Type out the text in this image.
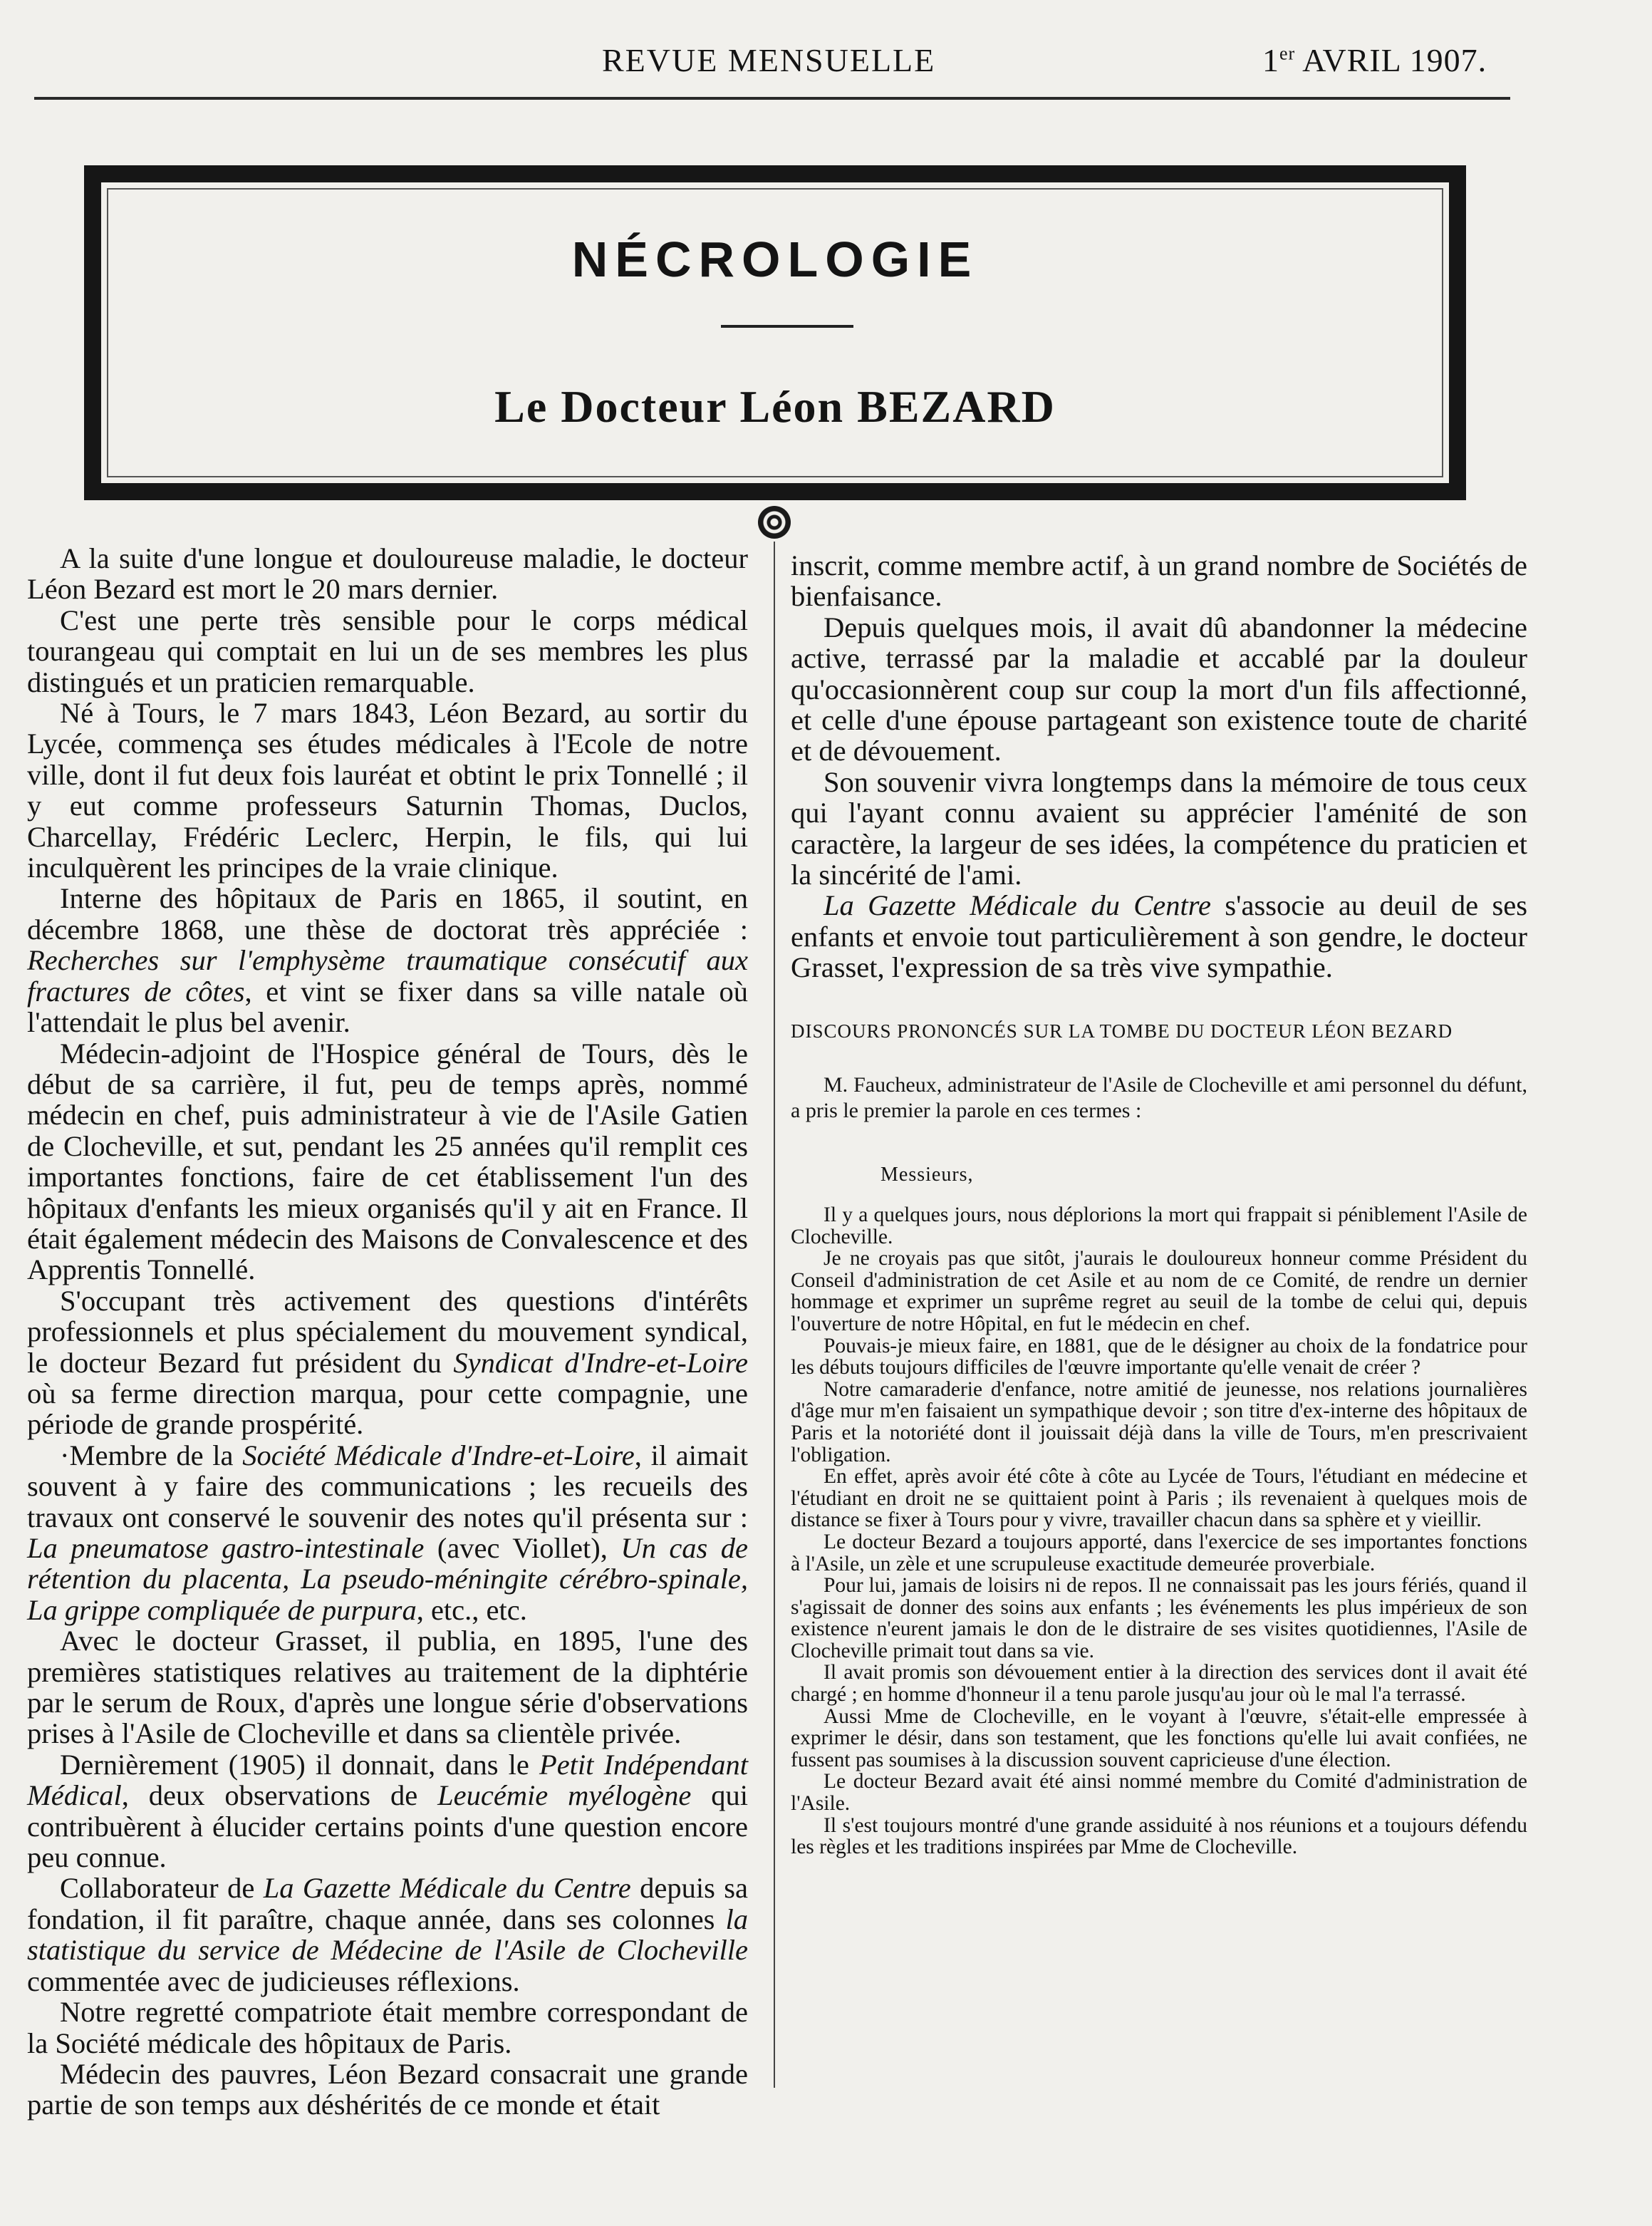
REVUE MENSUELLE	1er AVRIL 1907.
NÉCROLOGIE
Le Docteur Léon BEZARD

A la suite d'une longue et douloureuse maladie, le docteur Léon Bezard est mort le 20 mars dernier.

C'est une perte très sensible pour le corps médical tourangeau qui comptait en lui un de ses membres les plus distingués et un praticien remarquable.

Né à Tours, le 7 mars 1843, Léon Bezard, au sortir du Lycée, commença ses études médicales à l'Ecole de notre ville, dont il fut deux fois lauréat et obtint le prix Tonnellé ; il y eut comme professeurs Saturnin Thomas, Duclos, Charcellay, Frédéric Leclerc, Herpin, le fils, qui lui inculquèrent les principes de la vraie clinique.

Interne des hôpitaux de Paris en 1865, il soutint, en décembre 1868, une thèse de doctorat très appréciée : Recherches sur l'emphysème traumatique consécutif aux fractures de côtes, et vint se fixer dans sa ville natale où l'attendait le plus bel avenir.

Médecin-adjoint de l'Hospice général de Tours, dès le début de sa carrière, il fut, peu de temps après, nommé médecin en chef, puis administrateur à vie de l'Asile Gatien de Clocheville, et sut, pendant les 25 années qu'il remplit ces importantes fonctions, faire de cet établissement l'un des hôpitaux d'enfants les mieux organisés qu'il y ait en France. Il était également médecin des Maisons de Convalescence et des Apprentis Tonnellé.

S'occupant très activement des questions d'intérêts professionnels et plus spécialement du mouvement syndical, le docteur Bezard fut président du Syndicat d'Indre-et-Loire où sa ferme direction marqua, pour cette compagnie, une période de grande prospérité.

·Membre de la Société Médicale d'Indre-et-Loire, il aimait souvent à y faire des communications ; les recueils des travaux ont conservé le souvenir des notes qu'il présenta sur : La pneumatose gastro-intestinale (avec Viollet), Un cas de rétention du placenta, La pseudo-méningite cérébro-spinale, La grippe compliquée de purpura, etc., etc.

Avec le docteur Grasset, il publia, en 1895, l'une des premières statistiques relatives au traitement de la diphtérie par le serum de Roux, d'après une longue série d'observations prises à l'Asile de Clocheville et dans sa clientèle privée.

Dernièrement (1905) il donnait, dans le Petit Indépendant Médical, deux observations de Leucémie myélogène qui contribuèrent à élucider certains points d'une question encore peu connue.

Collaborateur de La Gazette Médicale du Centre depuis sa fondation, il fit paraître, chaque année, dans ses colonnes la statistique du service de Médecine de l'Asile de Clocheville commentée avec de judicieuses réflexions.

Notre regretté compatriote était membre correspondant de la Société médicale des hôpitaux de Paris.

Médecin des pauvres, Léon Bezard consacrait une grande partie de son temps aux déshérités de ce monde et était

inscrit, comme membre actif, à un grand nombre de Sociétés de bienfaisance.

Depuis quelques mois, il avait dû abandonner la médecine active, terrassé par la maladie et accablé par la douleur qu'occasionnèrent coup sur coup la mort d'un fils affectionné, et celle d'une épouse partageant son existence toute de charité et de dévouement.

Son souvenir vivra longtemps dans la mémoire de tous ceux qui l'ayant connu avaient su apprécier l'aménité de son caractère, la largeur de ses idées, la compétence du praticien et la sincérité de l'ami.

La Gazette Médicale du Centre s'associe au deuil de ses enfants et envoie tout particulièrement à son gendre, le docteur Grasset, l'expression de sa très vive sympathie.

DISCOURS PRONONCÉS SUR LA TOMBE DU DOCTEUR LÉON BEZARD
M. Faucheux, administrateur de l'Asile de Clocheville et ami personnel du défunt, a pris le premier la parole en ces termes :
Messieurs,

Il y a quelques jours, nous déplorions la mort qui frappait si péniblement l'Asile de Clocheville.

Je ne croyais pas que sitôt, j'aurais le douloureux honneur comme Président du Conseil d'administration de cet Asile et au nom de ce Comité, de rendre un dernier hommage et exprimer un suprême regret au seuil de la tombe de celui qui, depuis l'ouverture de notre Hôpital, en fut le médecin en chef.

Pouvais-je mieux faire, en 1881, que de le désigner au choix de la fondatrice pour les débuts toujours difficiles de l'œuvre importante qu'elle venait de créer ?

Notre camaraderie d'enfance, notre amitié de jeunesse, nos relations journalières d'âge mur m'en faisaient un sympathique devoir ; son titre d'ex-interne des hôpitaux de Paris et la notoriété dont il jouissait déjà dans la ville de Tours, m'en prescrivaient l'obligation.

En effet, après avoir été côte à côte au Lycée de Tours, l'étudiant en médecine et l'étudiant en droit ne se quittaient point à Paris ; ils revenaient à quelques mois de distance se fixer à Tours pour y vivre, travailler chacun dans sa sphère et y vieillir.

Le docteur Bezard a toujours apporté, dans l'exercice de ses importantes fonctions à l'Asile, un zèle et une scrupuleuse exactitude demeurée proverbiale.

Pour lui, jamais de loisirs ni de repos. Il ne connaissait pas les jours fériés, quand il s'agissait de donner des soins aux enfants ; les événements les plus impérieux de son existence n'eurent jamais le don de le distraire de ses visites quotidiennes, l'Asile de Clocheville primait tout dans sa vie.

Il avait promis son dévouement entier à la direction des services dont il avait été chargé ; en homme d'honneur il a tenu parole jusqu'au jour où le mal l'a terrassé.

Aussi Mme de Clocheville, en le voyant à l'œuvre, s'était-elle empressée à exprimer le désir, dans son testament, que les fonctions qu'elle lui avait confiées, ne fussent pas soumises à la discussion souvent capricieuse d'une élection.

Le docteur Bezard avait été ainsi nommé membre du Comité d'administration de l'Asile.

Il s'est toujours montré d'une grande assiduité à nos réunions et a toujours défendu les règles et les traditions inspirées par Mme de Clocheville.
